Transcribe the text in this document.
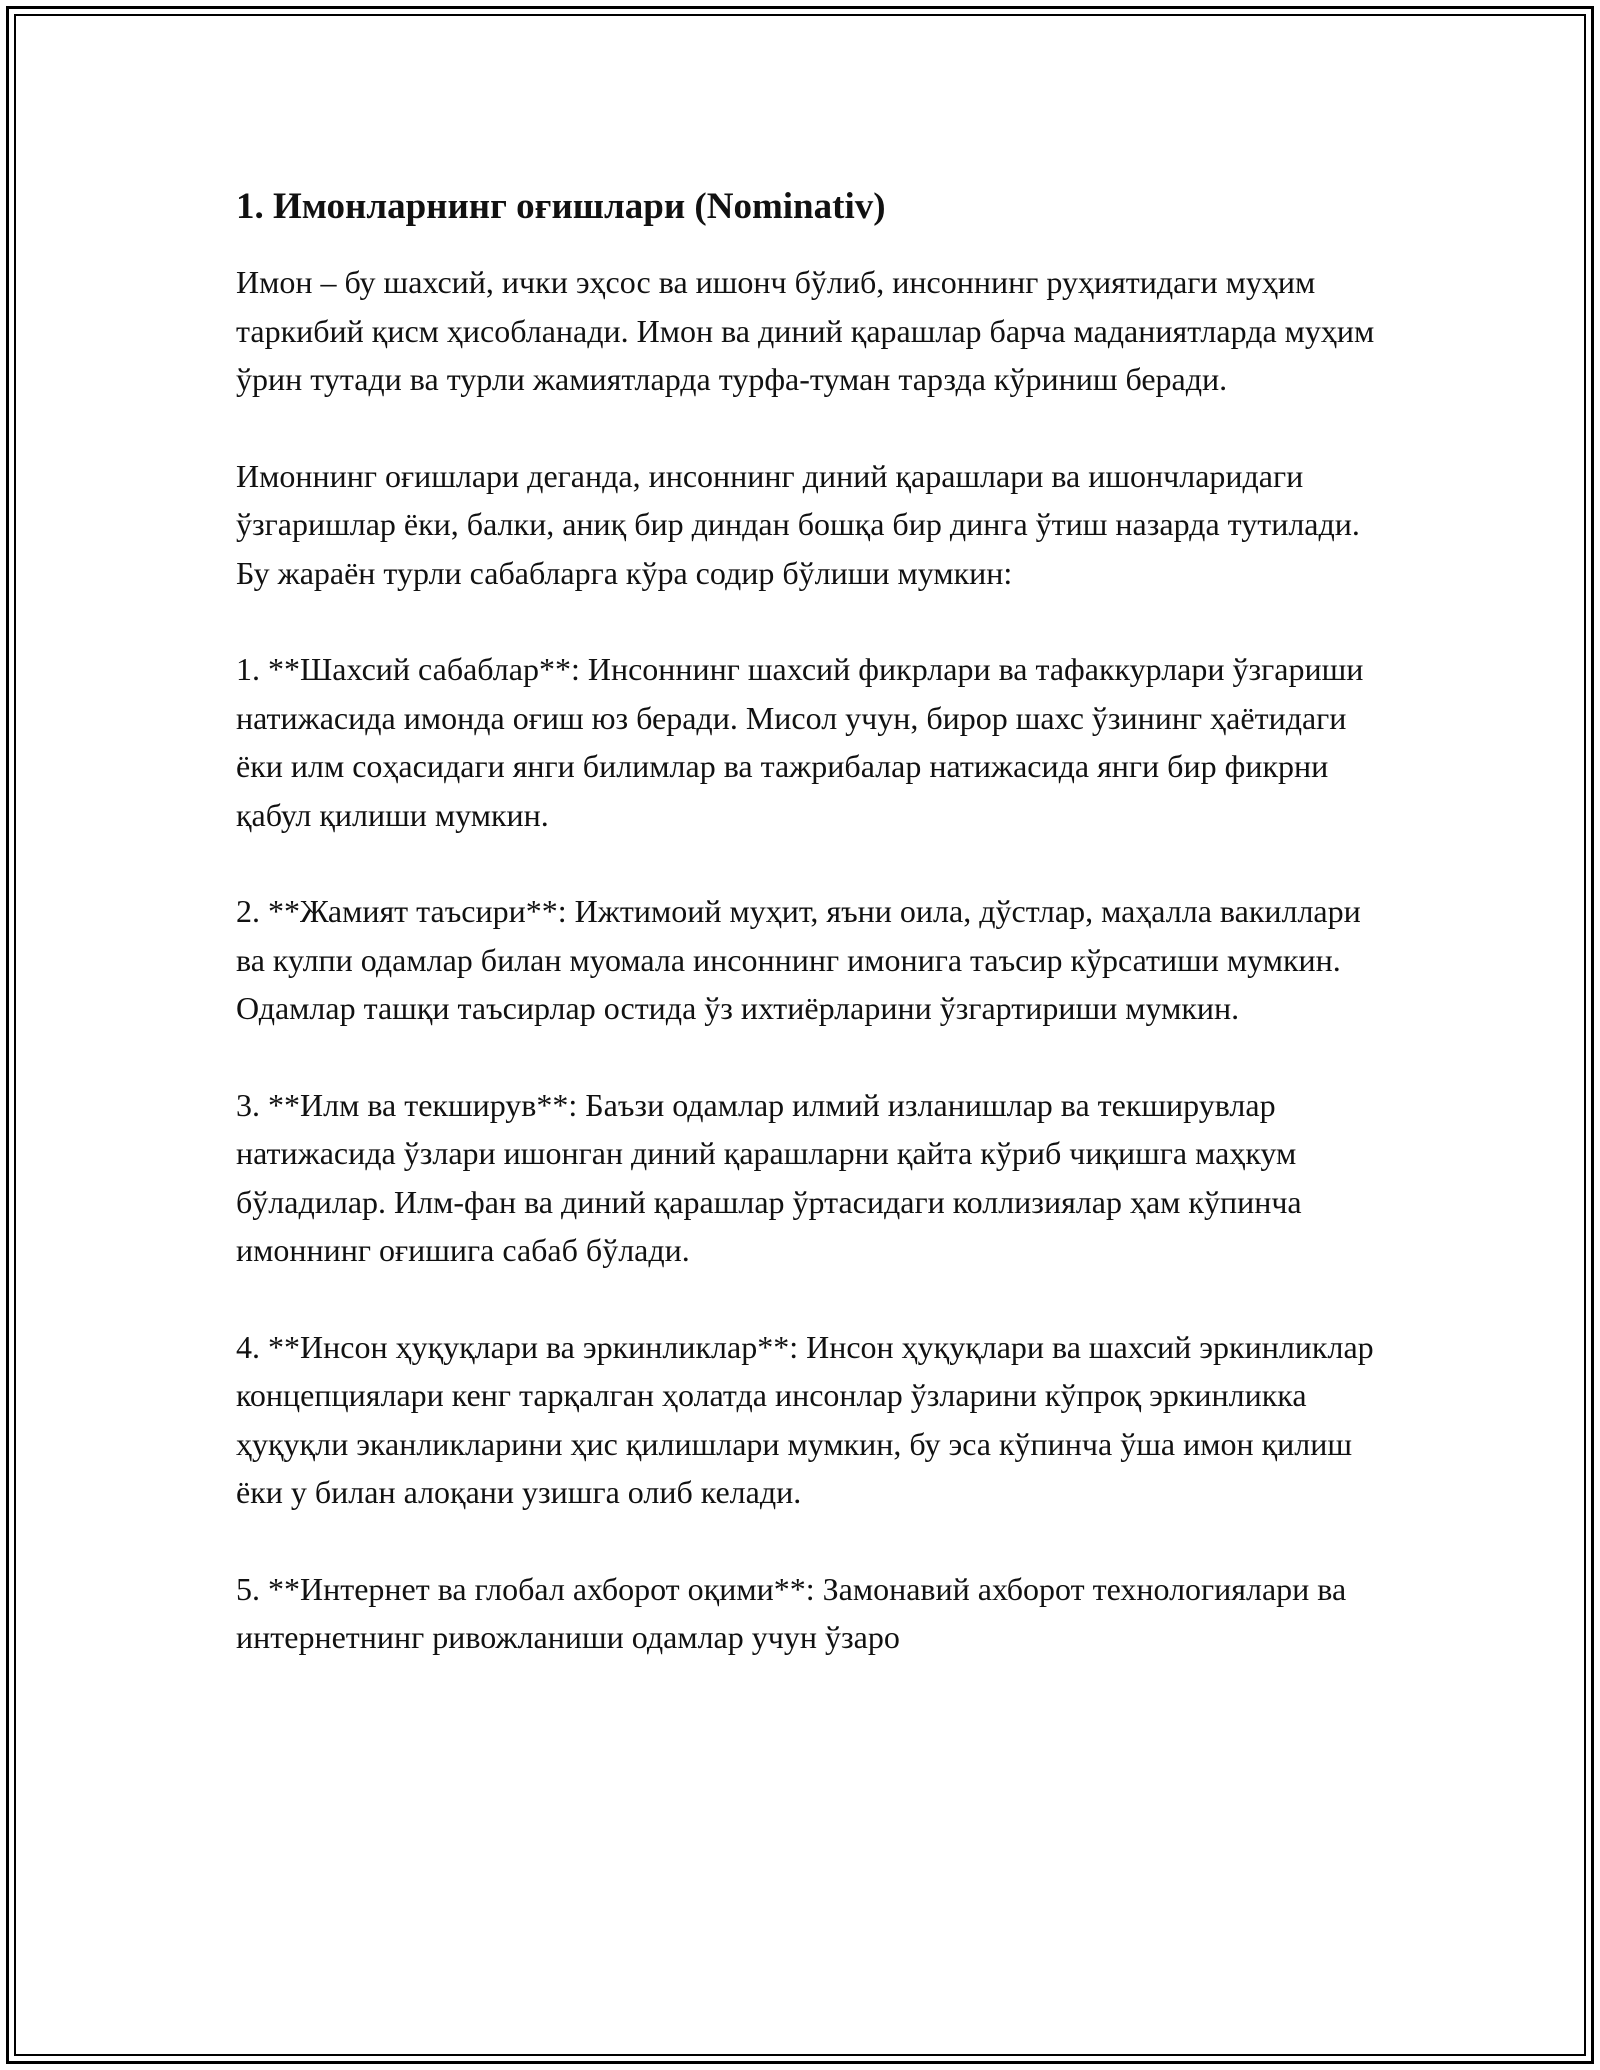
1. Имонларнинг оғишлари (Nominativ)

Имон – бу шахсий, ички эҳсос ва ишонч бўлиб, инсоннинг руҳиятидаги муҳим таркибий қисм ҳисобланади. Имон ва диний қарашлар барча маданиятларда муҳим ўрин тутади ва турли жамиятларда турфа-туман тарзда кўриниш беради.

Имоннинг оғишлари деганда, инсоннинг диний қарашлари ва ишончларидаги ўзгаришлар ёки, балки, аниқ бир диндан бошқа бир динга ўтиш назарда тутилади. Бу жараён турли сабабларга кўра содир бўлиши мумкин:

1. **Шахсий сабаблар**: Инсоннинг шахсий фикрлари ва тафаккурлари ўзгариши натижасида имонда оғиш юз беради. Мисол учун, бирор шахс ўзининг ҳаётидаги ёки илм соҳасидаги янги билимлар ва тажрибалар натижасида янги бир фикрни қабул қилиши мумкин.

2. **Жамият таъсири**: Ижтимоий муҳит, яъни оила, дўстлар, маҳалла вакиллари ва кулпи одамлар билан муомала инсоннинг имонига таъсир кўрсатиши мумкин. Одамлар ташқи таъсирлар остида ўз ихтиёрларини ўзгартириши мумкин.

3. **Илм ва текширув**: Баъзи одамлар илмий изланишлар ва текширувлар натижасида ўзлари ишонган диний қарашларни қайта кўриб чиқишга маҳкум бўладилар. Илм-фан ва диний қарашлар ўртасидаги коллизиялар ҳам кўпинча имоннинг оғишига сабаб бўлади.

4. **Инсон ҳуқуқлари ва эркинликлар**: Инсон ҳуқуқлари ва шахсий эркинликлар концепциялари кенг тарқалган ҳолатда инсонлар ўзларини кўпроқ эркинликка ҳуқуқли эканликларини ҳис қилишлари мумкин, бу эса кўпинча ўша имон қилиш ёки у билан алоқани узишга олиб келади.

5. **Интернет ва глобал ахборот оқими**: Замонавий ахборот технологиялари ва интернетнинг ривожланиши одамлар учун ўзаро
